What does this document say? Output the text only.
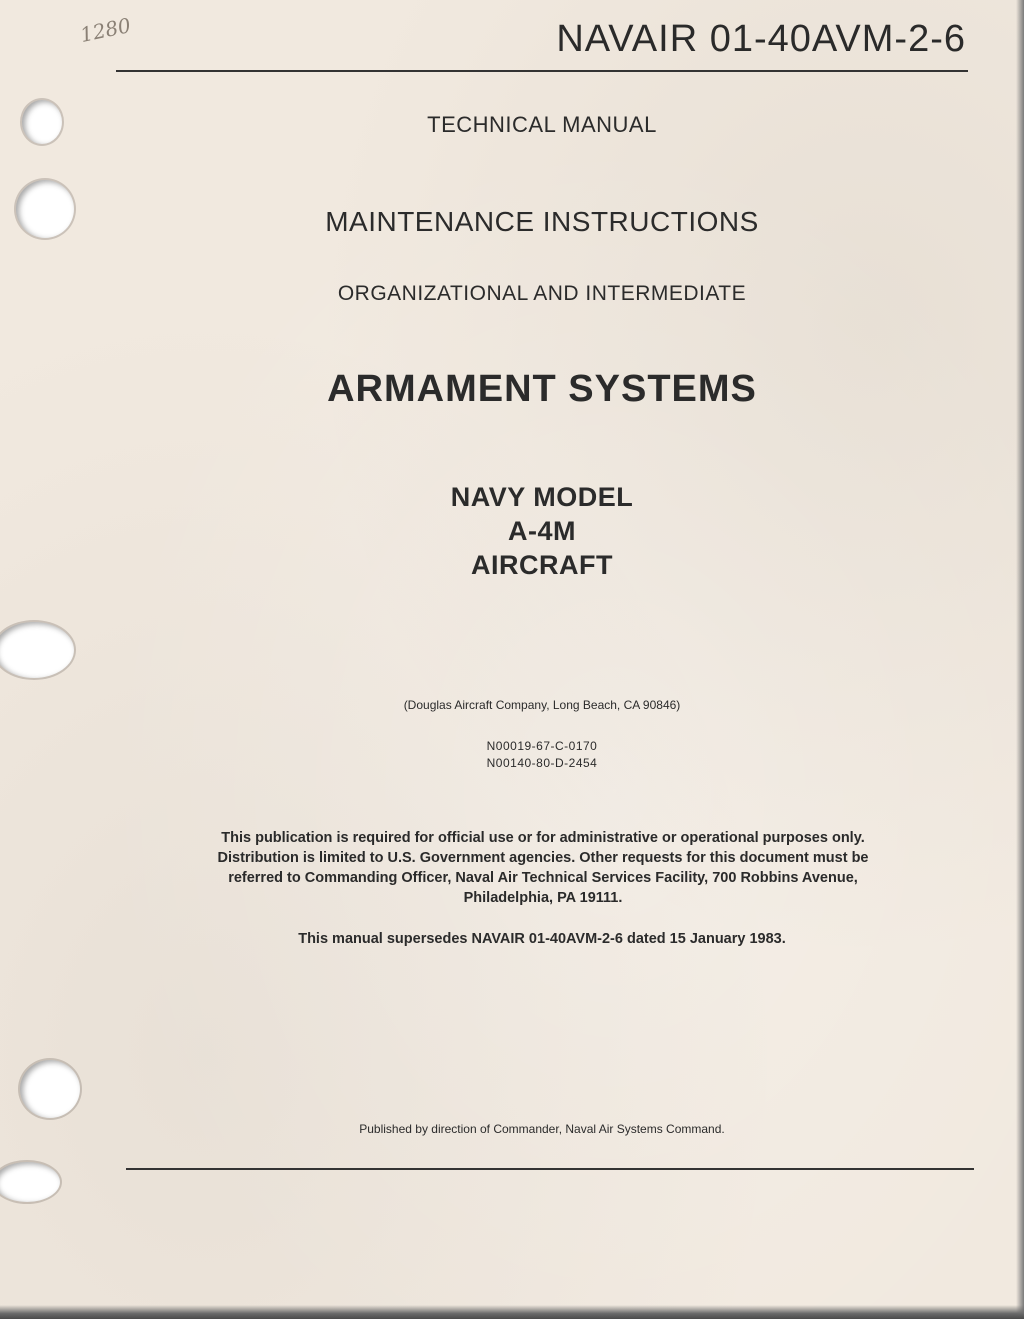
1280	NAVAIR 01-40AVM-2-6
TECHNICAL MANUAL
MAINTENANCE INSTRUCTIONS
ORGANIZATIONAL AND INTERMEDIATE
ARMAMENT SYSTEMS
NAVY MODEL
A-4M
AIRCRAFT
(Douglas Aircraft Company, Long Beach, CA 90846)
N00019-67-C-0170
N00140-80-D-2454
This publication is required for official use or for administrative or operational purposes only. Distribution is limited to U.S. Government agencies. Other requests for this document must be referred to Commanding Officer, Naval Air Technical Services Facility, 700 Robbins Avenue, Philadelphia, PA 19111.
This manual supersedes NAVAIR 01-40AVM-2-6 dated 15 January 1983.
Published by direction of Commander, Naval Air Systems Command.
